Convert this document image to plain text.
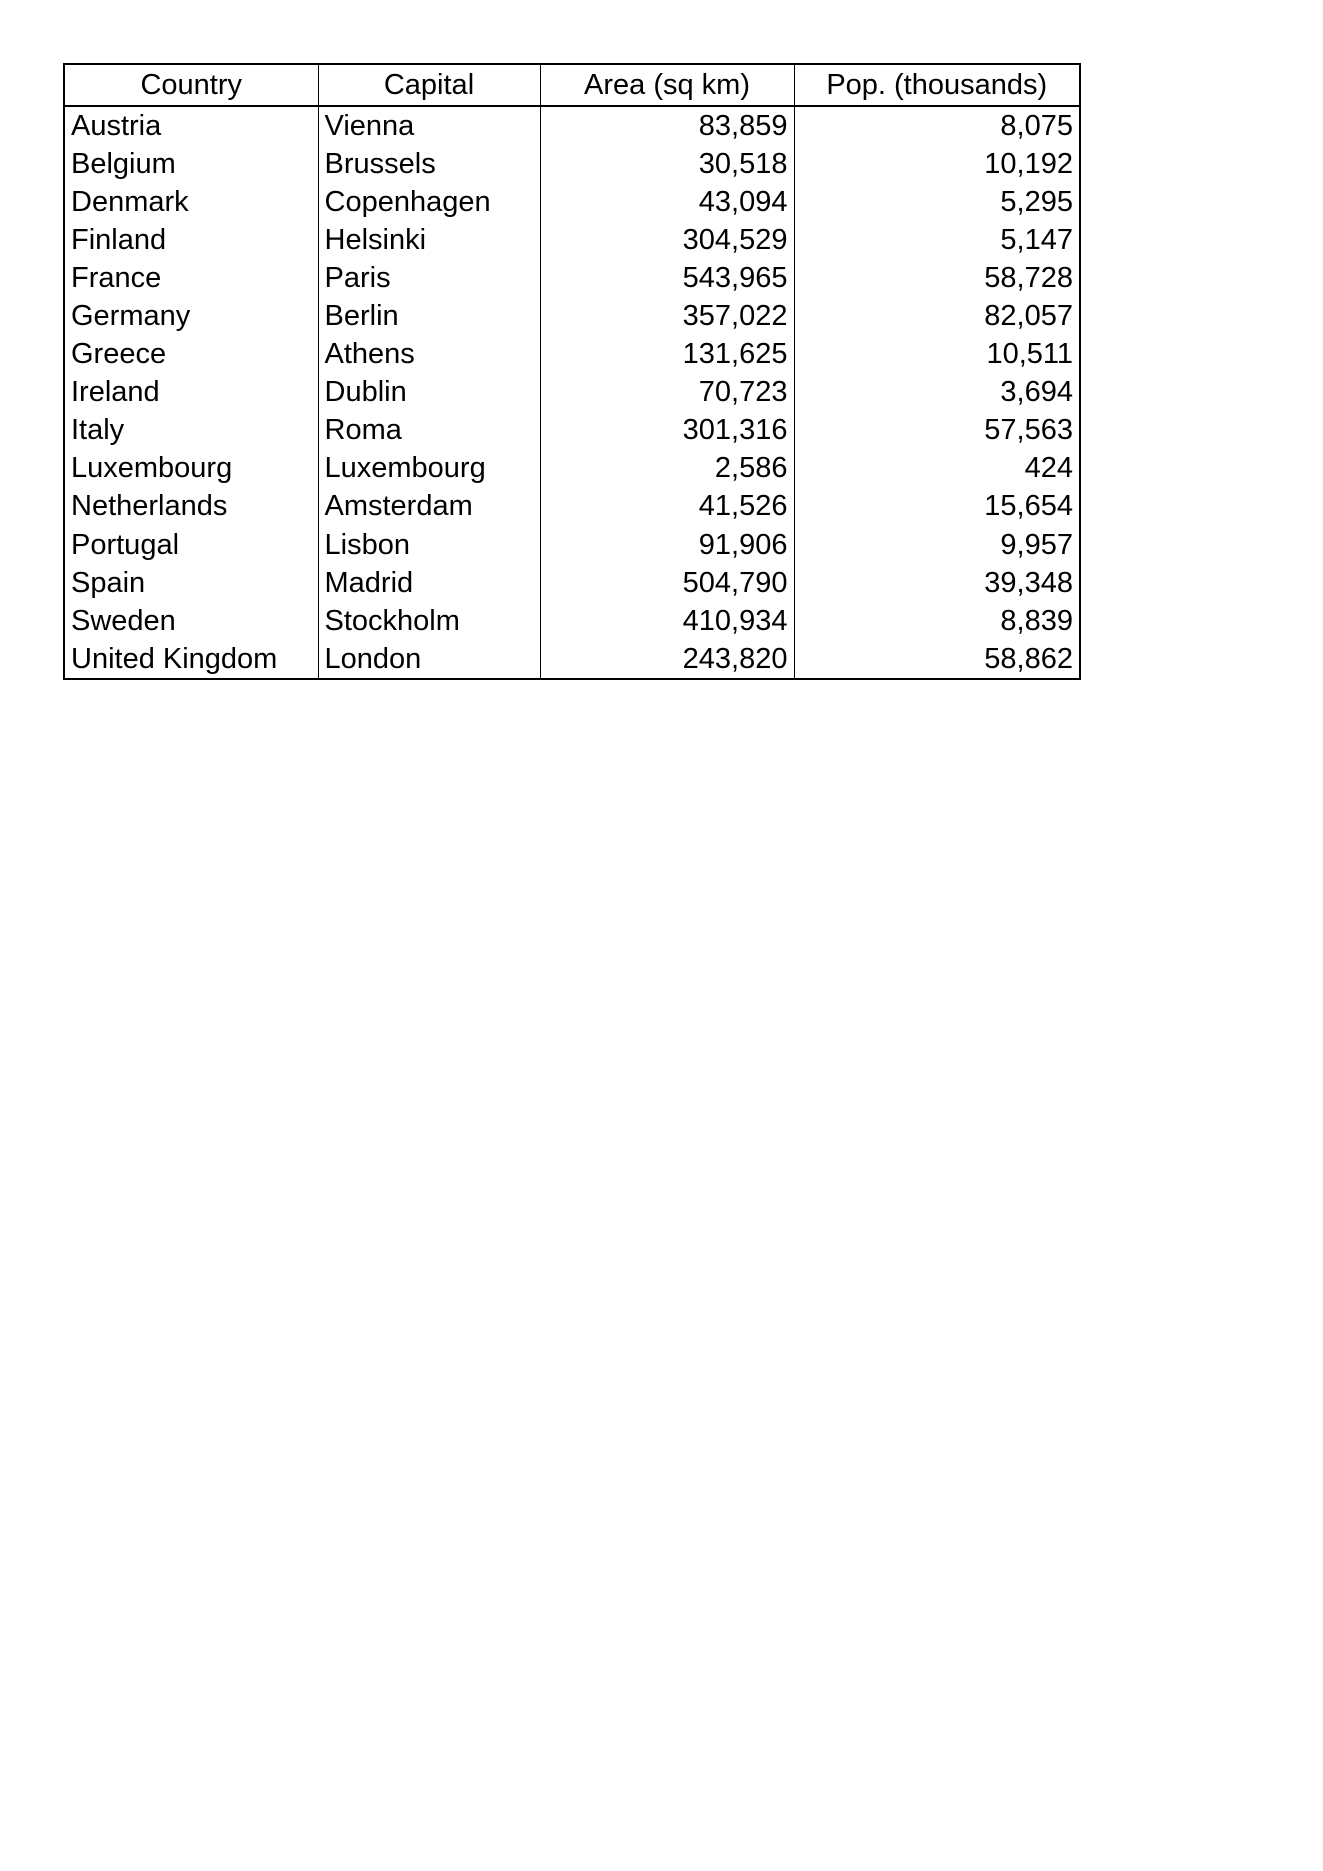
Country	Capital	Area (sq km)	Pop. (thousands)
Austria	Vienna	83,859	8,075
Belgium	Brussels	30,518	10,192
Denmark	Copenhagen	43,094	5,295
Finland	Helsinki	304,529	5,147
France	Paris	543,965	58,728
Germany	Berlin	357,022	82,057
Greece	Athens	131,625	10,511
Ireland	Dublin	70,723	3,694
Italy	Roma	301,316	57,563
Luxembourg	Luxembourg	2,586	424
Netherlands	Amsterdam	41,526	15,654
Portugal	Lisbon	91,906	9,957
Spain	Madrid	504,790	39,348
Sweden	Stockholm	410,934	8,839
United Kingdom	London	243,820	58,862
